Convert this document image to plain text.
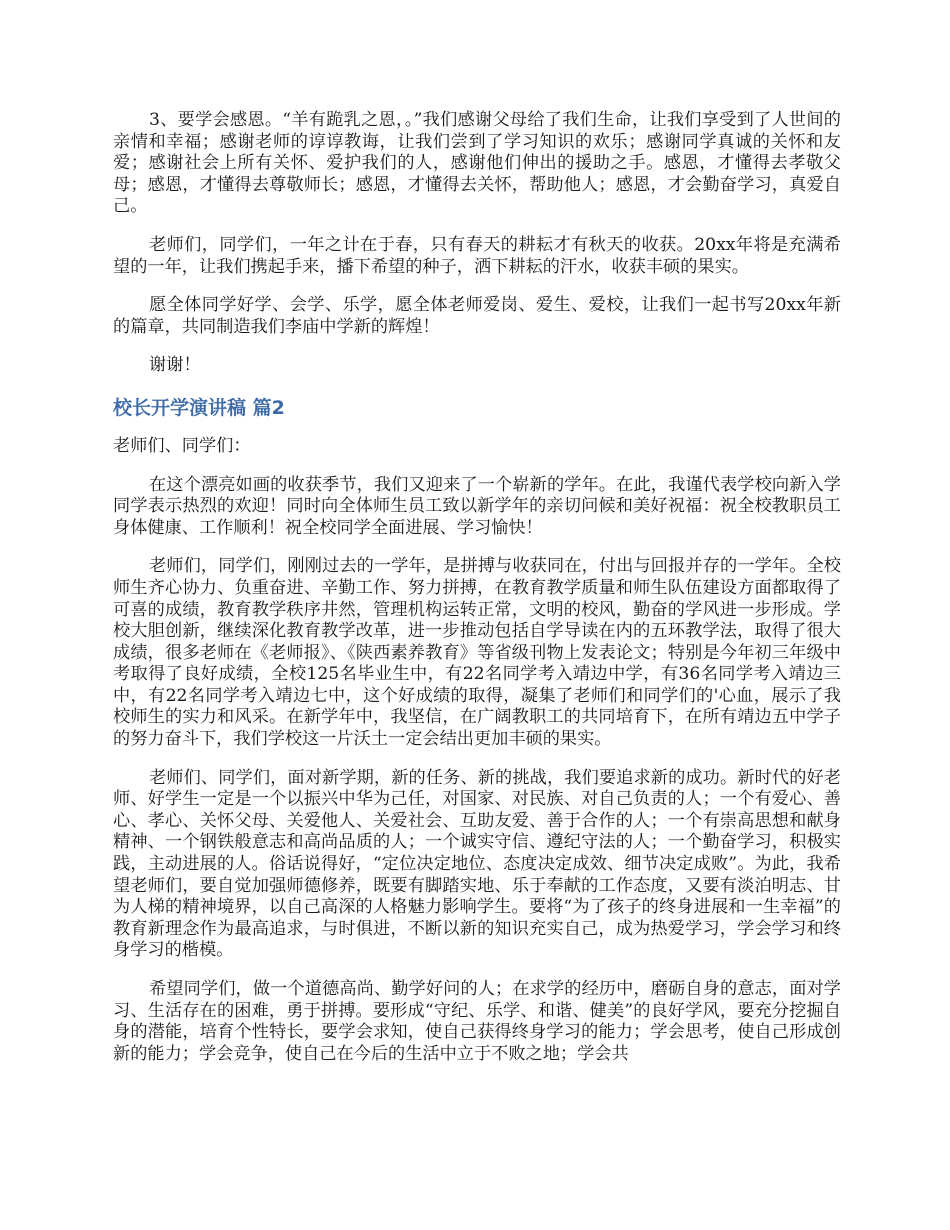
3、要学会感恩。“羊有跪乳之恩，。”我们感谢父母给了我们生命，让我们享受到了人世间的亲情和幸福；感谢老师的谆谆教诲，让我们尝到了学习知识的欢乐；感谢同学真诚的关怀和友爱；感谢社会上所有关怀、爱护我们的人，感谢他们伸出的援助之手。感恩，才懂得去孝敬父母；感恩，才懂得去尊敬师长；感恩，才懂得去关怀，帮助他人；感恩，才会勤奋学习，真爱自己。

老师们，同学们，一年之计在于春，只有春天的耕耘才有秋天的收获。20xx年将是充满希望的一年，让我们携起手来，播下希望的种子，洒下耕耘的汗水，收获丰硕的果实。

愿全体同学好学、会学、乐学，愿全体老师爱岗、爱生、爱校，让我们一起书写20xx年新的篇章，共同制造我们李庙中学新的辉煌！

谢谢！

校长开学演讲稿 篇2

老师们、同学们：

在这个漂亮如画的收获季节，我们又迎来了一个崭新的学年。在此，我谨代表学校向新入学同学表示热烈的欢迎！同时向全体师生员工致以新学年的亲切问候和美好祝福：祝全校教职员工身体健康、工作顺利！祝全校同学全面进展、学习愉快！

老师们，同学们，刚刚过去的一学年，是拼搏与收获同在，付出与回报并存的一学年。全校师生齐心协力、负重奋进、辛勤工作、努力拼搏，在教育教学质量和师生队伍建设方面都取得了可喜的成绩，教育教学秩序井然，管理机构运转正常，文明的校风，勤奋的学风进一步形成。学校大胆创新，继续深化教育教学改革，进一步推动包括自学导读在内的五环教学法，取得了很大成绩，很多老师在《老师报》、《陕西素养教育》等省级刊物上发表论文；特别是今年初三年级中考取得了良好成绩，全校125名毕业生中，有22名同学考入靖边中学，有36名同学考入靖边三中，有22名同学考入靖边七中，这个好成绩的取得，凝集了老师们和同学们的'心血，展示了我校师生的实力和风采。在新学年中，我坚信，在广阔教职工的共同培育下，在所有靖边五中学子的努力奋斗下，我们学校这一片沃土一定会结出更加丰硕的果实。

老师们、同学们，面对新学期，新的任务、新的挑战，我们要追求新的成功。新时代的好老师、好学生一定是一个以振兴中华为己任，对国家、对民族、对自己负责的人；一个有爱心、善心、孝心、关怀父母、关爱他人、关爱社会、互助友爱、善于合作的人；一个有崇高思想和献身精神、一个钢铁般意志和高尚品质的人；一个诚实守信、遵纪守法的人；一个勤奋学习，积极实践，主动进展的人。俗话说得好，“定位决定地位、态度决定成效、细节决定成败”。为此，我希望老师们，要自觉加强师德修养，既要有脚踏实地、乐于奉献的工作态度，又要有淡泊明志、甘为人梯的精神境界，以自己高深的人格魅力影响学生。要将“为了孩子的终身进展和一生幸福”的教育新理念作为最高追求，与时俱进，不断以新的知识充实自己，成为热爱学习，学会学习和终身学习的楷模。

希望同学们，做一个道德高尚、勤学好问的人；在求学的经历中，磨砺自身的意志，面对学习、生活存在的困难，勇于拼搏。要形成“守纪、乐学、和谐、健美”的良好学风，要充分挖掘自身的潜能，培育个性特长，要学会求知，使自己获得终身学习的能力；学会思考，使自己形成创新的能力；学会竞争，使自己在今后的生活中立于不败之地；学会共
